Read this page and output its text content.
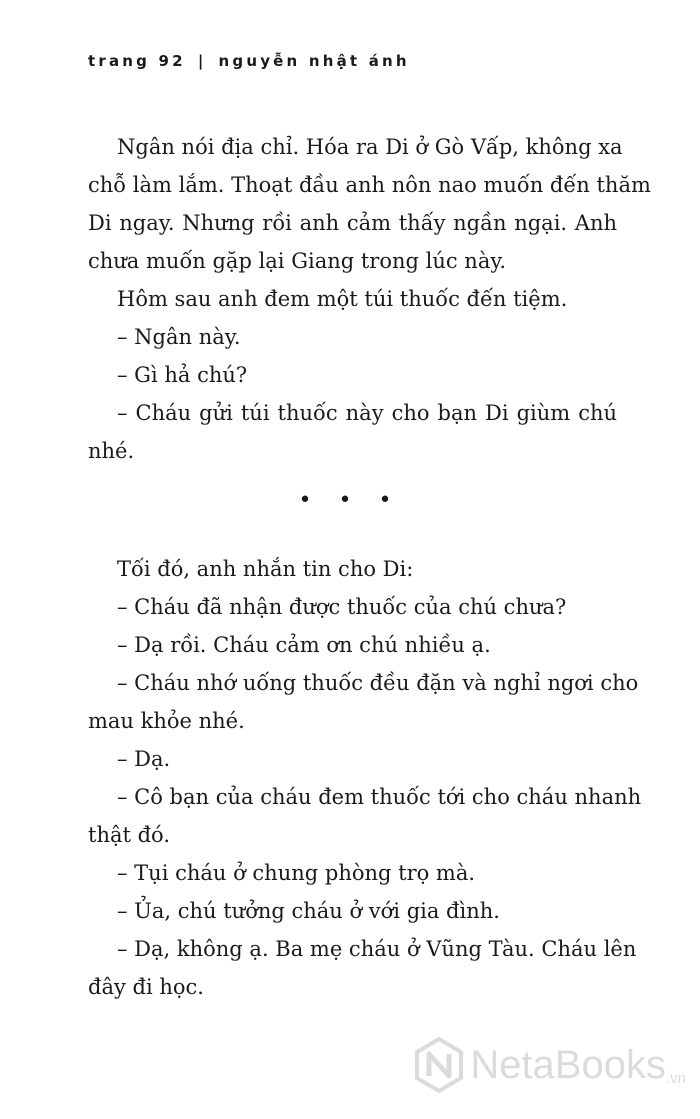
trang 92 | nguyễn nhật ánh
Ngân nói địa chỉ. Hóa ra Di ở Gò Vấp, không xa
chỗ làm lắm. Thoạt đầu anh nôn nao muốn đến thăm
Di ngay. Nhưng rồi anh cảm thấy ngần ngại. Anh
chưa muốn gặp lại Giang trong lúc này.
Hôm sau anh đem một túi thuốc đến tiệm.
– Ngân này.
– Gì hả chú?
– Cháu gửi túi thuốc này cho bạn Di giùm chú
nhé.
• • •
Tối đó, anh nhắn tin cho Di:
– Cháu đã nhận được thuốc của chú chưa?
– Dạ rồi. Cháu cảm ơn chú nhiều ạ.
– Cháu nhớ uống thuốc đều đặn và nghỉ ngơi cho
mau khỏe nhé.
– Dạ.
– Cô bạn của cháu đem thuốc tới cho cháu nhanh
thật đó.
– Tụi cháu ở chung phòng trọ mà.
– Ủa, chú tưởng cháu ở với gia đình.
– Dạ, không ạ. Ba mẹ cháu ở Vũng Tàu. Cháu lên
đây đi học.
NetaBooks .vn
